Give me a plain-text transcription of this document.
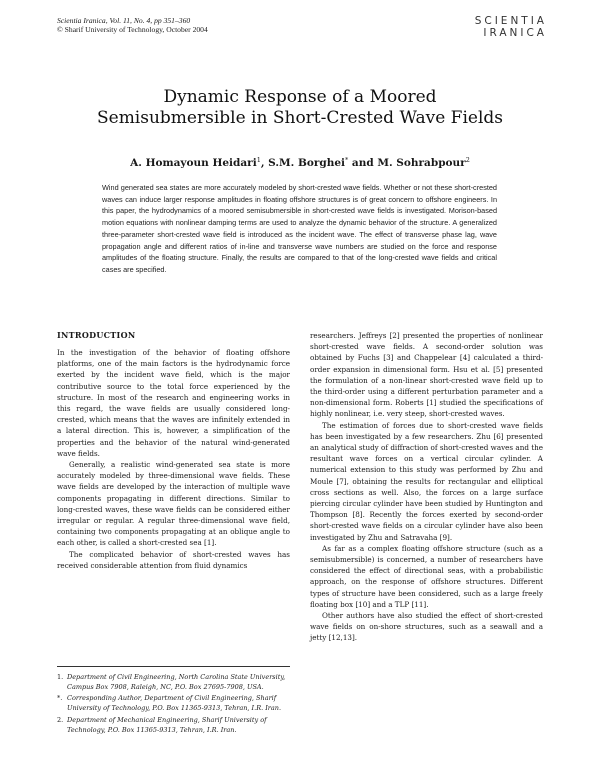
Scientia Iranica, Vol. 11, No. 4, pp 351–360
© Sharif University of Technology, October 2004
SCIENTIA
IRANICA
Dynamic Response of a Moored
Semisubmersible in Short-Crested Wave Fields
A. Homayoun Heidari$^1$, S.M. Borghei* and M. Sohrabpour$^2$
Wind generated sea states are more accurately modeled by short-crested wave fields. Whether or not these short-crested waves can induce larger response amplitudes in floating offshore structures is of great concern to offshore engineers. In this paper, the hydrodynamics of a moored semisubmersible in short-crested wave fields is investigated. Morison-based motion equations with nonlinear damping terms are used to analyze the dynamic behavior of the structure. A generalized three-parameter short-crested wave field is introduced as the incident wave. The effect of transverse phase lag, wave propagation angle and different ratios of in-line and transverse wave numbers are studied on the force and response amplitudes of the floating structure. Finally, the results are compared to that of the long-crested wave fields and critical cases are specified.
INTRODUCTION

In the investigation of the behavior of floating offshore platforms, one of the main factors is the hydrodynamic force exerted by the incident wave field, which is the major contributive source to the total force experienced by the structure. In most of the research and engineering works in this regard, the wave fields are usually considered long-crested, which means that the waves are infinitely extended in a lateral direction. This is, however, a simplification of the properties and the behavior of the natural wind-generated wave fields.

Generally, a realistic wind-generated sea state is more accurately modeled by three-dimensional wave fields. These wave fields are developed by the interaction of multiple wave components propagating in different directions. Similar to long-crested waves, these wave fields can be considered either irregular or regular. A regular three-dimensional wave field, containing two components propagating at an oblique angle to each other, is called a short-crested sea [1].

The complicated behavior of short-crested waves has received considerable attention from fluid dynamics

researchers. Jeffreys [2] presented the properties of nonlinear short-crested wave fields. A second-order solution was obtained by Fuchs [3] and Chappelear [4] calculated a third-order expansion in dimensional form. Hsu et al. [5] presented the formulation of a non-linear short-crested wave field up to the third-order using a different perturbation parameter and a non-dimensional form. Roberts [1] studied the specifications of highly nonlinear, i.e. very steep, short-crested waves.

The estimation of forces due to short-crested wave fields has been investigated by a few researchers. Zhu [6] presented an analytical study of diffraction of short-crested waves and the resultant wave forces on a vertical circular cylinder. A numerical extension to this study was performed by Zhu and Moule [7], obtaining the results for rectangular and elliptical cross sections as well. Also, the forces on a large surface piercing circular cylinder have been studied by Huntington and Thompson [8]. Recently the forces exerted by second-order short-crested wave fields on a circular cylinder have also been investigated by Zhu and Satravaha [9].

As far as a complex floating offshore structure (such as a semisubmersible) is concerned, a number of researchers have considered the effect of directional seas, with a probabilistic approach, on the response of offshore structures. Different types of structure have been considered, such as a large freely floating box [10] and a TLP [11].

Other authors have also studied the effect of short-crested wave fields on on-shore structures, such as a seawall and a jetty [12,13].

1. Department of Civil Engineering, North Carolina State University, Campus Box 7908, Raleigh, NC, P.O. Box 27695-7908, USA.
*. Corresponding Author, Department of Civil Engineering, Sharif University of Technology, P.O. Box 11365-9313, Tehran, I.R. Iran.
2. Department of Mechanical Engineering, Sharif University of Technology, P.O. Box 11365-9313, Tehran, I.R. Iran.
